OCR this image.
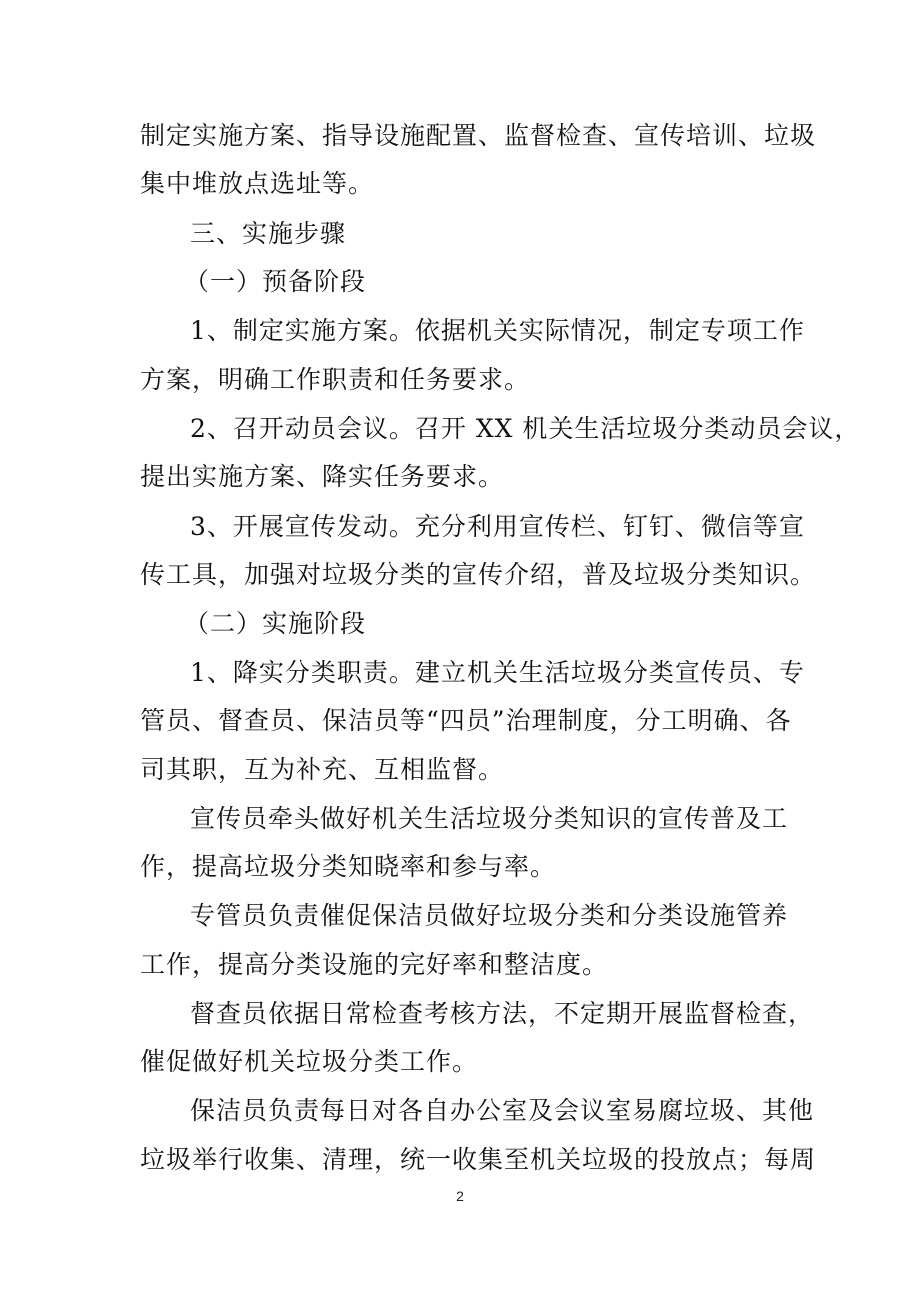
制定实施方案、指导设施配置、监督检查、宣传培训、垃圾
集中堆放点选址等。
三、实施步骤
（一）预备阶段
1、制定实施方案。依据机关实际情况，制定专项工作
方案，明确工作职责和任务要求。
2、召开动员会议。召开 XX 机关生活垃圾分类动员会议，
提出实施方案、降实任务要求。
3、开展宣传发动。充分利用宣传栏、钉钉、微信等宣
传工具，加强对垃圾分类的宣传介绍，普及垃圾分类知识。
（二）实施阶段
1、降实分类职责。建立机关生活垃圾分类宣传员、专
管员、督查员、保洁员等“四员”治理制度，分工明确、各
司其职，互为补充、互相监督。
宣传员牵头做好机关生活垃圾分类知识的宣传普及工
作，提高垃圾分类知晓率和参与率。
专管员负责催促保洁员做好垃圾分类和分类设施管养
工作，提高分类设施的完好率和整洁度。
督查员依据日常检查考核方法，不定期开展监督检查，
催促做好机关垃圾分类工作。
保洁员负责每日对各自办公室及会议室易腐垃圾、其他
垃圾举行收集、清理，统一收集至机关垃圾的投放点；每周
2
